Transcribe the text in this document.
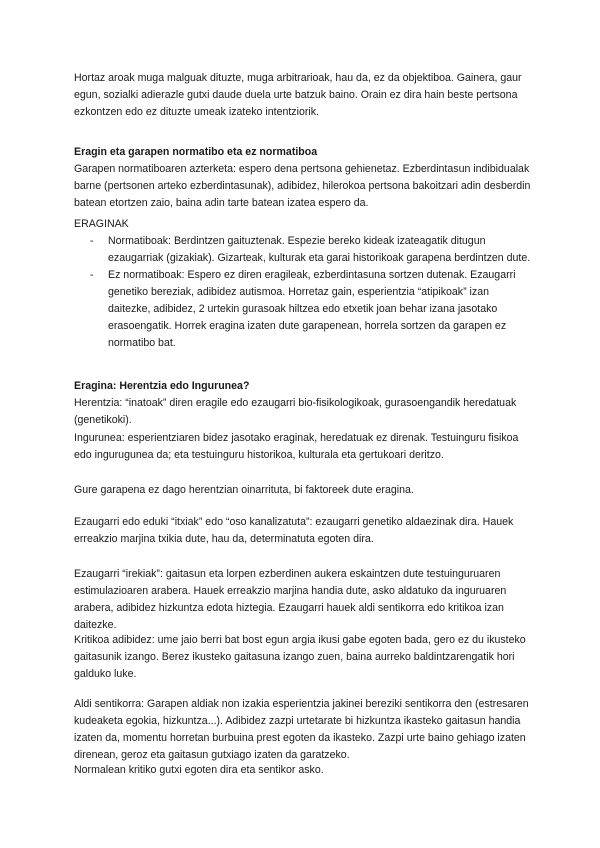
Hortaz aroak muga malguak dituzte, muga arbitrarioak, hau da, ez da objektiboa. Gainera, gaur egun, sozialki adierazle gutxi daude duela urte batzuk baino. Orain ez dira hain beste pertsona ezkontzen edo ez dituzte umeak izateko intentziorik.

Eragin eta garapen normatibo eta ez normatiboa

Garapen normatiboaren azterketa: espero dena pertsona gehienetaz. Ezberdintasun indibidualak barne (pertsonen arteko ezberdintasunak), adibidez, hilerokoa pertsona bakoitzari adin desberdin batean etortzen zaio, baina adin tarte batean izatea espero da.

ERAGINAK

- Normatiboak: Berdintzen gaituztenak. Espezie bereko kideak izateagatik ditugun ezaugarriak (gizakiak). Gizarteak, kulturak eta garai historikoak garapena berdintzen dute.
- Ez normatiboak: Espero ez diren eragileak, ezberdintasuna sortzen dutenak. Ezaugarri genetiko bereziak, adibidez autismoa. Horretaz gain, esperientzia “atipikoak” izan daitezke, adibidez, 2 urtekin gurasoak hiltzea edo etxetik joan behar izana jasotako erasoengatik. Horrek eragina izaten dute garapenean, horrela sortzen da garapen ez normatibo bat.

Eragina: Herentzia edo Ingurunea?

Herentzia: “inatoak” diren eragile edo ezaugarri bio-fisikologikoak, gurasoengandik heredatuak (genetikoki).

Ingurunea: esperientziaren bidez jasotako eraginak, heredatuak ez direnak. Testuinguru fisikoa edo ingurugunea da; eta testuinguru historikoa, kulturala eta gertukoari deritzo.

Gure garapena ez dago herentzian oinarrituta, bi faktoreek dute eragina.

Ezaugarri edo eduki “itxiak” edo “oso kanalizatuta”: ezaugarri genetiko aldaezinak dira. Hauek erreakzio marjina txikia dute, hau da, determinatuta egoten dira.

Ezaugarri “irekiak”: gaitasun eta lorpen ezberdinen aukera eskaintzen dute testuinguruaren estimulazioaren arabera. Hauek erreakzio marjina handia dute, asko aldatuko da inguruaren arabera, adibidez hizkuntza edota hiztegia. Ezaugarri hauek aldi sentikorra edo kritikoa izan daitezke.

Kritikoa adibidez: ume jaio berri bat bost egun argia ikusi gabe egoten bada, gero ez du ikusteko gaitasunik izango. Berez ikusteko gaitasuna izango zuen, baina aurreko baldintzarengatik hori galduko luke.

Aldi sentikorra: Garapen aldiak non izakia esperientzia jakinei bereziki sentikorra den (estresaren kudeaketa egokia, hizkuntza...). Adibidez zazpi urtetarate bi hizkuntza ikasteko gaitasun handia izaten da, momentu horretan burbuina prest egoten da ikasteko. Zazpi urte baino gehiago izaten direnean, geroz eta gaitasun gutxiago izaten da garatzeko.

Normalean kritiko gutxi egoten dira eta sentikor asko.
